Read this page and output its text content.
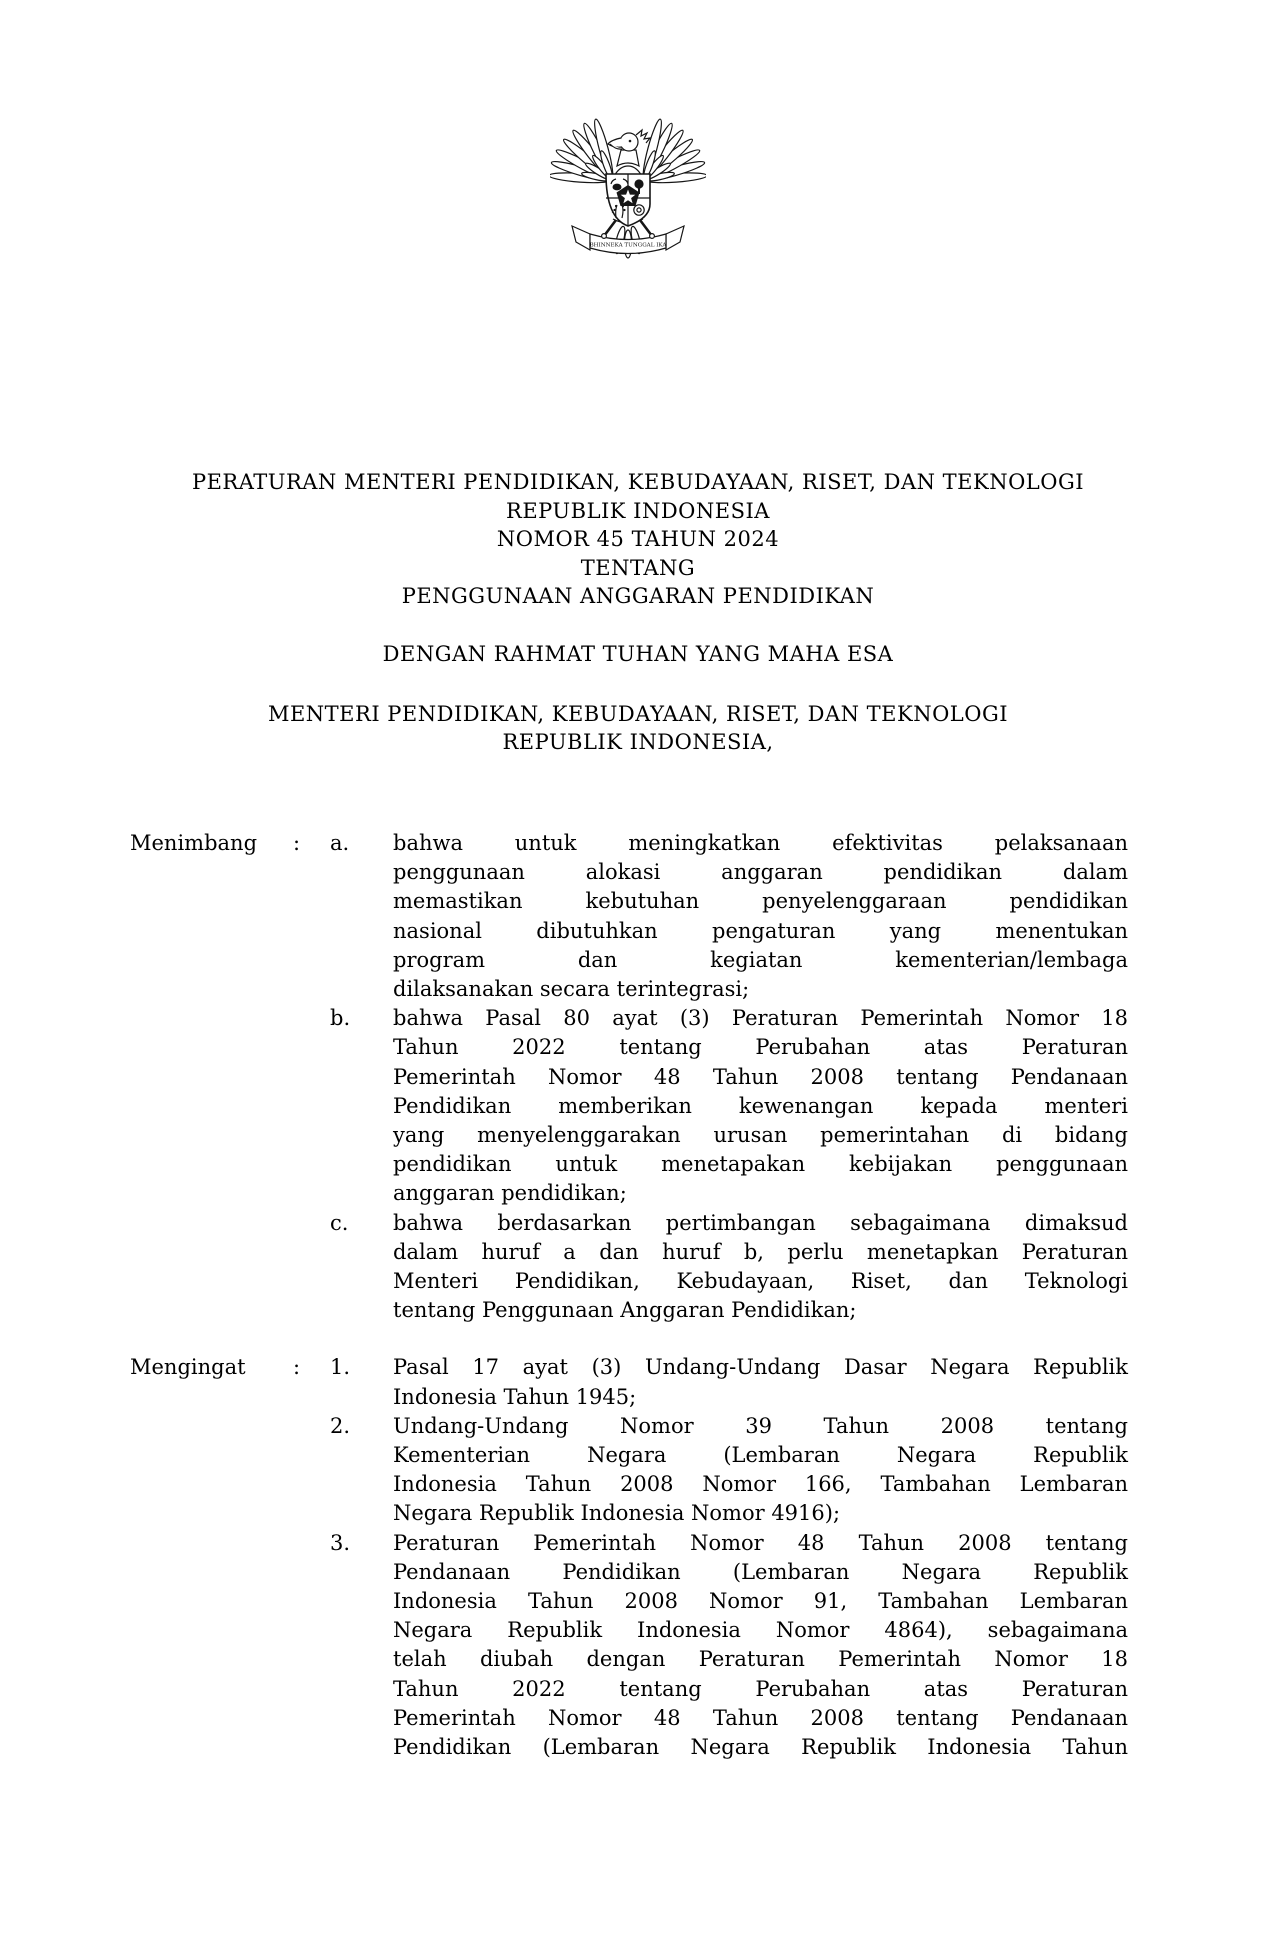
BHINNEKA TUNGGAL IKA
PERATURAN MENTERI PENDIDIKAN, KEBUDAYAAN, RISET, DAN TEKNOLOGI
REPUBLIK INDONESIA
NOMOR 45 TAHUN 2024
TENTANG
PENGGUNAAN ANGGARAN PENDIDIKAN
DENGAN RAHMAT TUHAN YANG MAHA ESA
MENTERI PENDIDIKAN, KEBUDAYAAN, RISET, DAN TEKNOLOGI
REPUBLIK INDONESIA,
Menimbang	:	a.	bahwa untuk meningkatkan efektivitas pelaksanaan
penggunaan alokasi anggaran pendidikan dalam
memastikan kebutuhan penyelenggaraan pendidikan
nasional dibutuhkan pengaturan yang menentukan
program dan kegiatan kementerian/lembaga
dilaksanakan secara terintegrasi;
b.	bahwa Pasal 80 ayat (3) Peraturan Pemerintah Nomor 18
Tahun 2022 tentang Perubahan atas Peraturan
Pemerintah Nomor 48 Tahun 2008 tentang Pendanaan
Pendidikan memberikan kewenangan kepada menteri
yang menyelenggarakan urusan pemerintahan di bidang
pendidikan untuk menetapakan kebijakan penggunaan
anggaran pendidikan;
c.	bahwa berdasarkan pertimbangan sebagaimana dimaksud
dalam huruf a dan huruf b, perlu menetapkan Peraturan
Menteri Pendidikan, Kebudayaan, Riset, dan Teknologi
tentang Penggunaan Anggaran Pendidikan;
Mengingat	:	1.	Pasal 17 ayat (3) Undang-Undang Dasar Negara Republik
Indonesia Tahun 1945;
2.	Undang-Undang Nomor 39 Tahun 2008 tentang
Kementerian Negara (Lembaran Negara Republik
Indonesia Tahun 2008 Nomor 166, Tambahan Lembaran
Negara Republik Indonesia Nomor 4916);
3.	Peraturan Pemerintah Nomor 48 Tahun 2008 tentang
Pendanaan Pendidikan (Lembaran Negara Republik
Indonesia Tahun 2008 Nomor 91, Tambahan Lembaran
Negara Republik Indonesia Nomor 4864), sebagaimana
telah diubah dengan Peraturan Pemerintah Nomor 18
Tahun 2022 tentang Perubahan atas Peraturan
Pemerintah Nomor 48 Tahun 2008 tentang Pendanaan
Pendidikan (Lembaran Negara Republik Indonesia Tahun
